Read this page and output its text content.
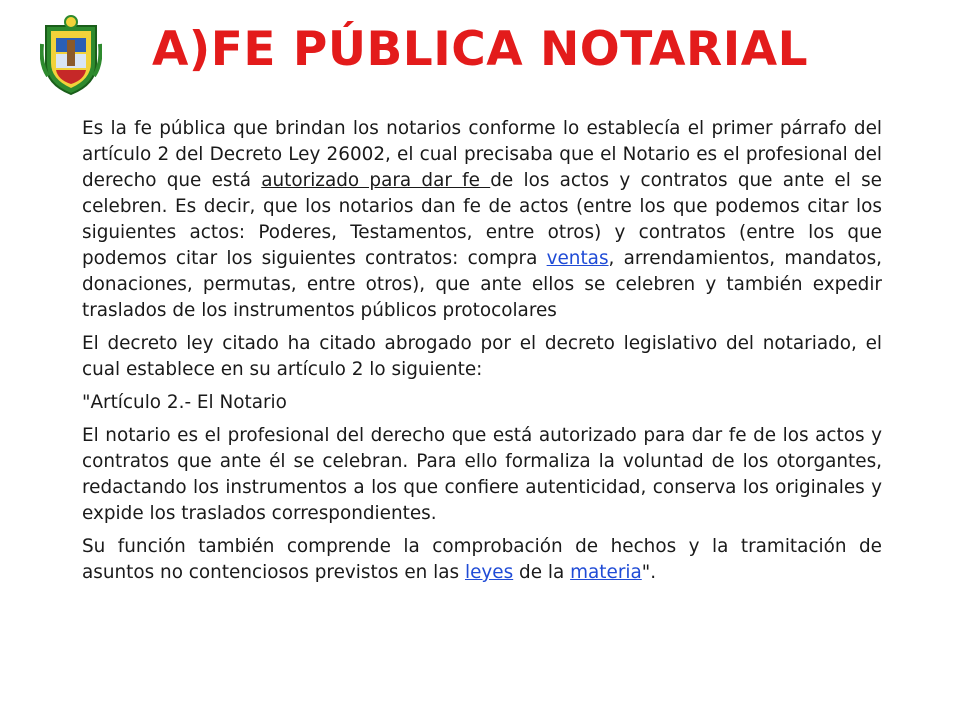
A)FE PÚBLICA NOTARIAL

Es la fe pública que brindan los notarios conforme lo establecía el primer párrafo del artículo 2 del Decreto Ley 26002, el cual precisaba que el Notario es el profesional del derecho que está autorizado para dar fe de los actos y contratos que ante el se celebren. Es decir, que los notarios dan fe de actos (entre los que podemos citar los siguientes actos: Poderes, Testamentos, entre otros) y contratos (entre los que podemos citar los siguientes contratos: compra ventas, arrendamientos, mandatos, donaciones, permutas, entre otros), que ante ellos se celebren y también expedir traslados de los instrumentos públicos protocolares

El decreto ley citado ha citado abrogado por el decreto legislativo del notariado, el cual establece en su artículo 2 lo siguiente:

"Artículo 2.- El Notario

El notario es el profesional del derecho que está autorizado para dar fe de los actos y contratos que ante él se celebran. Para ello formaliza la voluntad de los otorgantes, redactando los instrumentos a los que confiere autenticidad, conserva los originales y expide los traslados correspondientes.

Su función también comprende la comprobación de hechos y la tramitación de asuntos no contenciosos previstos en las leyes de la materia".
